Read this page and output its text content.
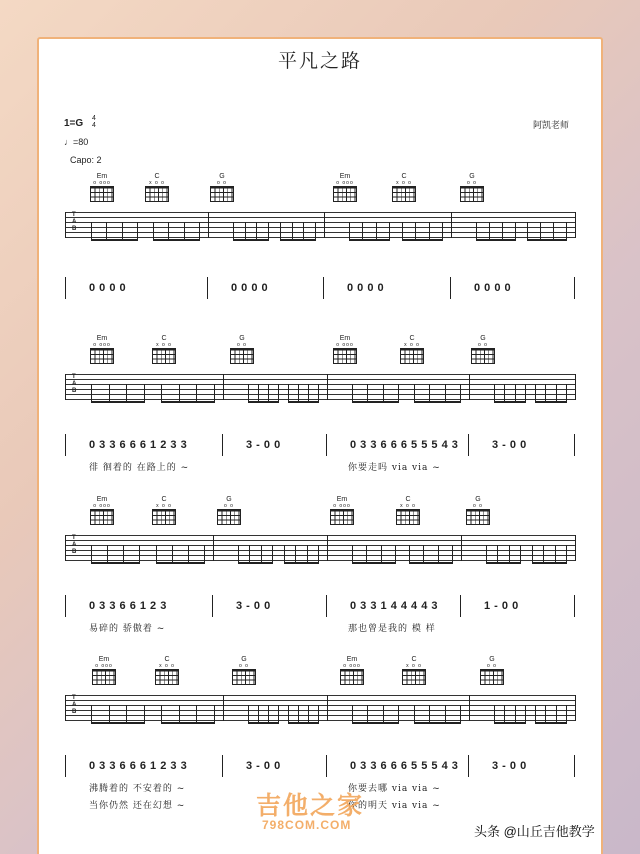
平凡之路
1=G 4
4
♩=80
Capo: 2
阿凯老师
Em
o ooo
C
x o o
G
o o
Em
o ooo
C
x o o
G
o o
T
A
B
0 0 0 0	0 0 0 0	0 0 0 0	0 0 0 0
Em
o ooo
C
x o o
G
o o
Em
o ooo
C
x o o
G
o o
T
A
B
0 3 3 6 6 6 1 2 3 3	3 - 0 0	0 3 3 6 6 6 5 5 5 4 3	3 - 0 0
徘 徊着的 在路上的 ~	你要走吗 via via ~
Em
o ooo
C
x o o
G
o o
Em
o ooo
C
x o o
G
o o
T
A
B
0 3 3 6 6 1 2 3	3 - 0 0	0 3 3 1 4 4 4 4 3	1 - 0 0
易碎的 骄傲着 ~	那也曾是我的 模 样
Em
o ooo
C
x o o
G
o o
Em
o ooo
C
x o o
G
o o
T
A
B
0 3 3 6 6 6 1 2 3 3	3 - 0 0	0 3 3 6 6 6 5 5 5 4 3	3 - 0 0
沸腾着的 不安着的 ~	你要去哪 via via ~
当你仍然 还在幻想 ~	你的明天 via via ~
吉他之家
798COM.COM	头条 @山丘吉他教学
